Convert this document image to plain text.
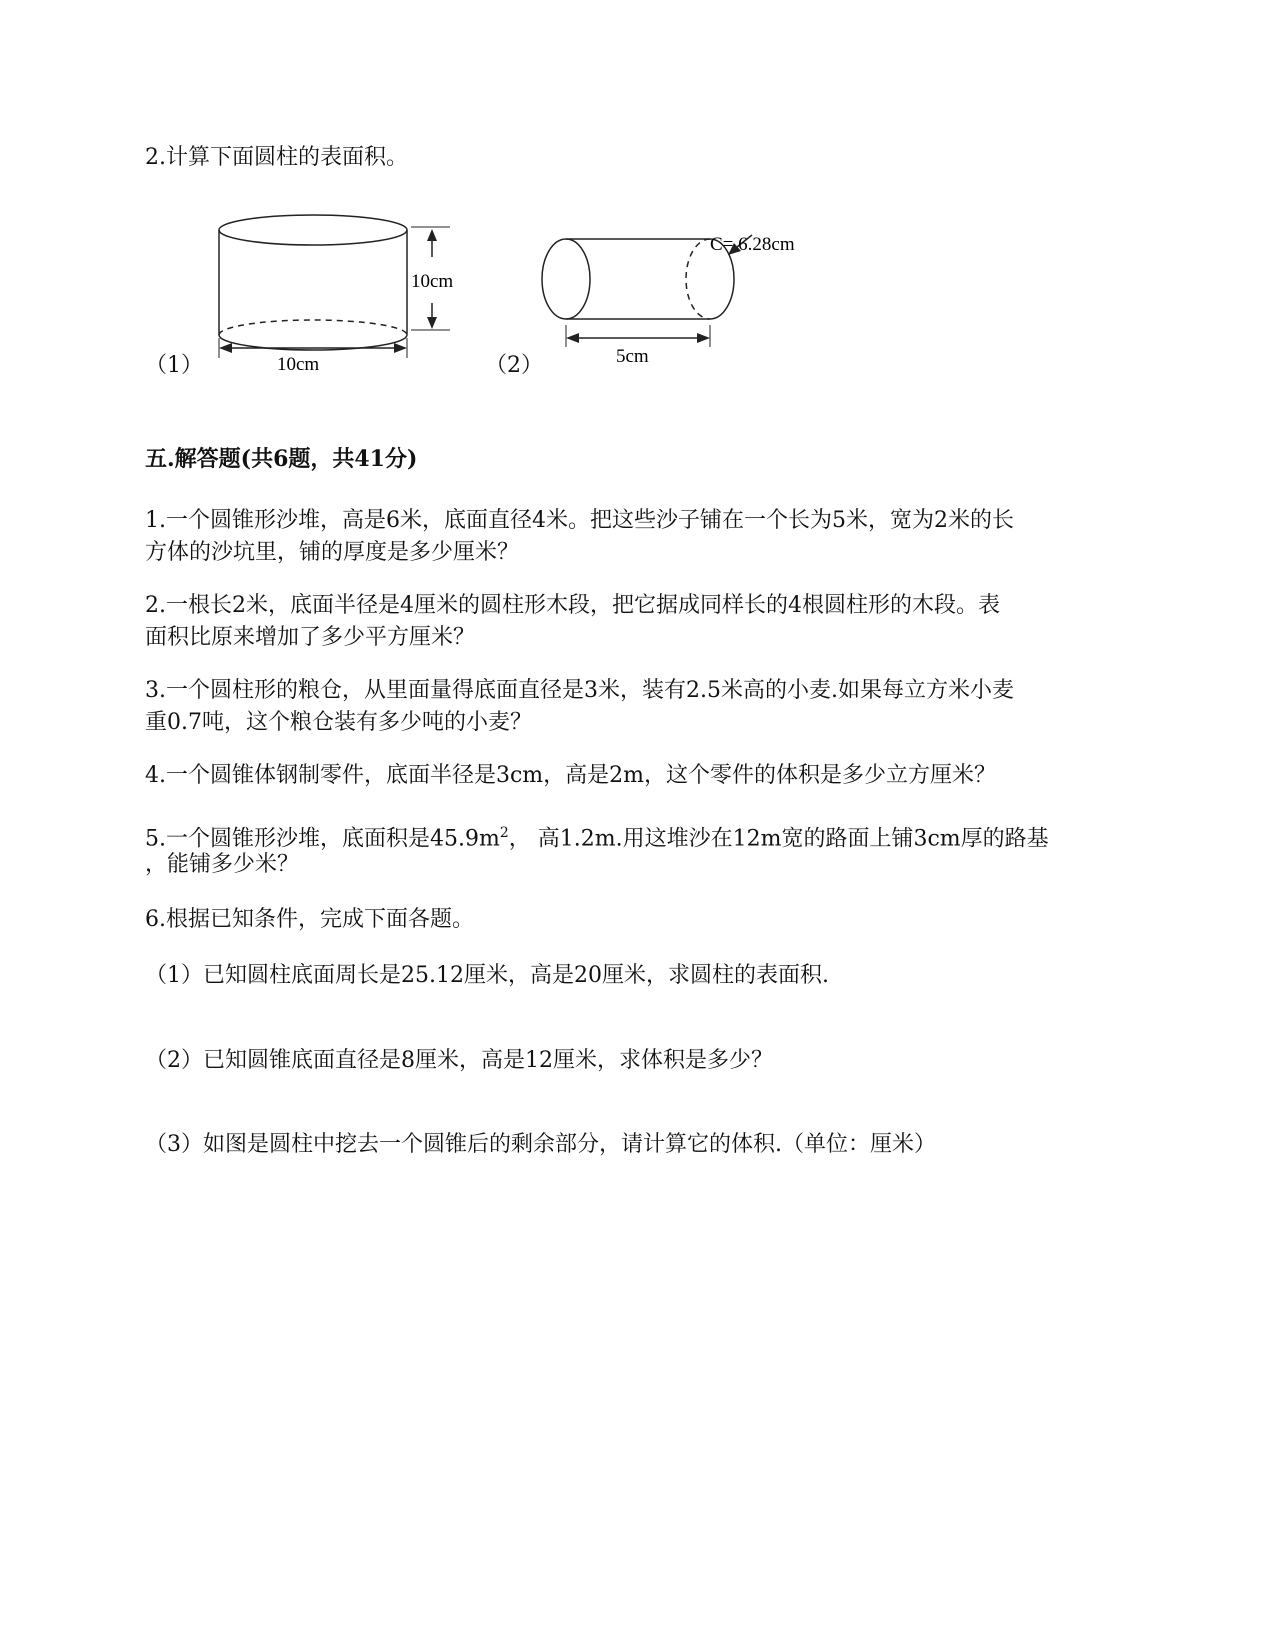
2.计算下面圆柱的表面积。
（1）
10cm
10cm	（2）
C= 6.28cm
5cm
五.解答题(共6题，共41分)
1.一个圆锥形沙堆，高是6米，底面直径4米。把这些沙子铺在一个长为5米，宽为2米的长
方体的沙坑里，铺的厚度是多少厘米？
2.一根长2米，底面半径是4厘米的圆柱形木段，把它据成同样长的4根圆柱形的木段。表
面积比原来增加了多少平方厘米？
3.一个圆柱形的粮仓，从里面量得底面直径是3米，装有2.5米高的小麦.如果每立方米小麦
重0.7吨，这个粮仓装有多少吨的小麦？
4.一个圆锥体钢制零件，底面半径是3cm，高是2m，这个零件的体积是多少立方厘米？
5.一个圆锥形沙堆，底面积是$45.9m^2$， 高1.2m.用这堆沙在12m宽的路面上铺3cm厚的路基
，能铺多少米？
6.根据已知条件，完成下面各题。
（1）已知圆柱底面周长是25.12厘米，高是20厘米，求圆柱的表面积.
（2）已知圆锥底面直径是8厘米，高是12厘米，求体积是多少？
（3）如图是圆柱中挖去一个圆锥后的剩余部分，请计算它的体积.（单位：厘米）
